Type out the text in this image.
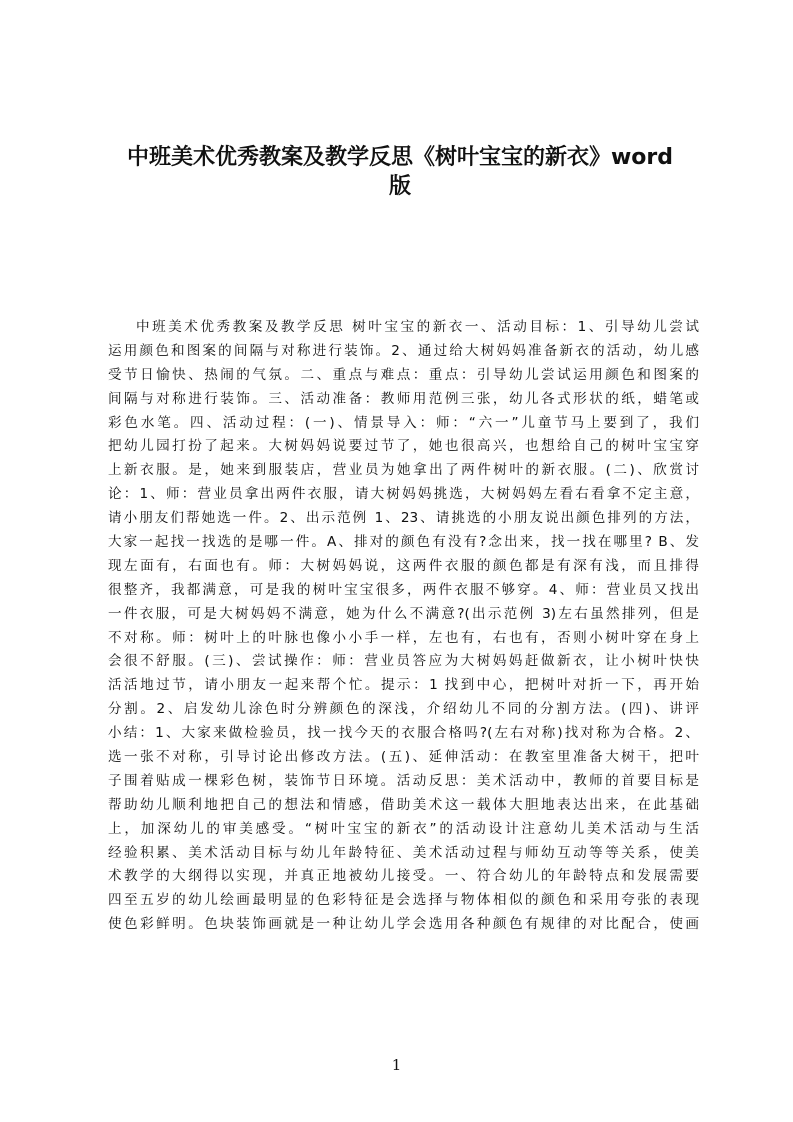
中班美术优秀教案及教学反思《树叶宝宝的新衣》word
版
中班美术优秀教案及教学反思 树叶宝宝的新衣一、活动目标：1、引导幼儿尝试
运用颜色和图案的间隔与对称进行装饰。2、通过给大树妈妈准备新衣的活动，幼儿感
受节日愉快、热闹的气氛。二、重点与难点：重点：引导幼儿尝试运用颜色和图案的
间隔与对称进行装饰。三、活动准备：教师用范例三张，幼儿各式形状的纸，蜡笔或
彩色水笔。四、活动过程：(一)、情景导入：师：“六一”儿童节马上要到了，我们
把幼儿园打扮了起来。大树妈妈说要过节了，她也很高兴，也想给自己的树叶宝宝穿
上新衣服。是，她来到服装店，营业员为她拿出了两件树叶的新衣服。(二)、欣赏讨
论：1、师：营业员拿出两件衣服，请大树妈妈挑选，大树妈妈左看右看拿不定主意，
请小朋友们帮她选一件。2、出示范例 1、23、请挑选的小朋友说出颜色排列的方法，
大家一起找一找选的是哪一件。A、排对的颜色有没有?念出来，找一找在哪里? B、发
现左面有，右面也有。师：大树妈妈说，这两件衣服的颜色都是有深有浅，而且排得
很整齐，我都满意，可是我的树叶宝宝很多，两件衣服不够穿。4、师：营业员又找出
一件衣服，可是大树妈妈不满意，她为什么不满意?(出示范例 3)左右虽然排列，但是
不对称。师：树叶上的叶脉也像小小手一样，左也有，右也有，否则小树叶穿在身上
会很不舒服。(三)、尝试操作：师：营业员答应为大树妈妈赶做新衣，让小树叶快快
活活地过节，请小朋友一起来帮个忙。提示：1 找到中心，把树叶对折一下，再开始
分割。2、启发幼儿涂色时分辨颜色的深浅，介绍幼儿不同的分割方法。(四)、讲评
小结：1、大家来做检验员，找一找今天的衣服合格吗?(左右对称)找对称为合格。2、
选一张不对称，引导讨论出修改方法。(五)、延伸活动：在教室里准备大树干，把叶
子围着贴成一棵彩色树，装饰节日环境。活动反思：美术活动中，教师的首要目标是
帮助幼儿顺利地把自己的想法和情感，借助美术这一载体大胆地表达出来，在此基础
上，加深幼儿的审美感受。“树叶宝宝的新衣”的活动设计注意幼儿美术活动与生活
经验积累、美术活动目标与幼儿年龄特征、美术活动过程与师幼互动等等关系，使美
术教学的大纲得以实现，并真正地被幼儿接受。一、符合幼儿的年龄特点和发展需要
四至五岁的幼儿绘画最明显的色彩特征是会选择与物体相似的颜色和采用夸张的表现
使色彩鲜明。色块装饰画就是一种让幼儿学会选用各种颜色有规律的对比配合，使画
1
